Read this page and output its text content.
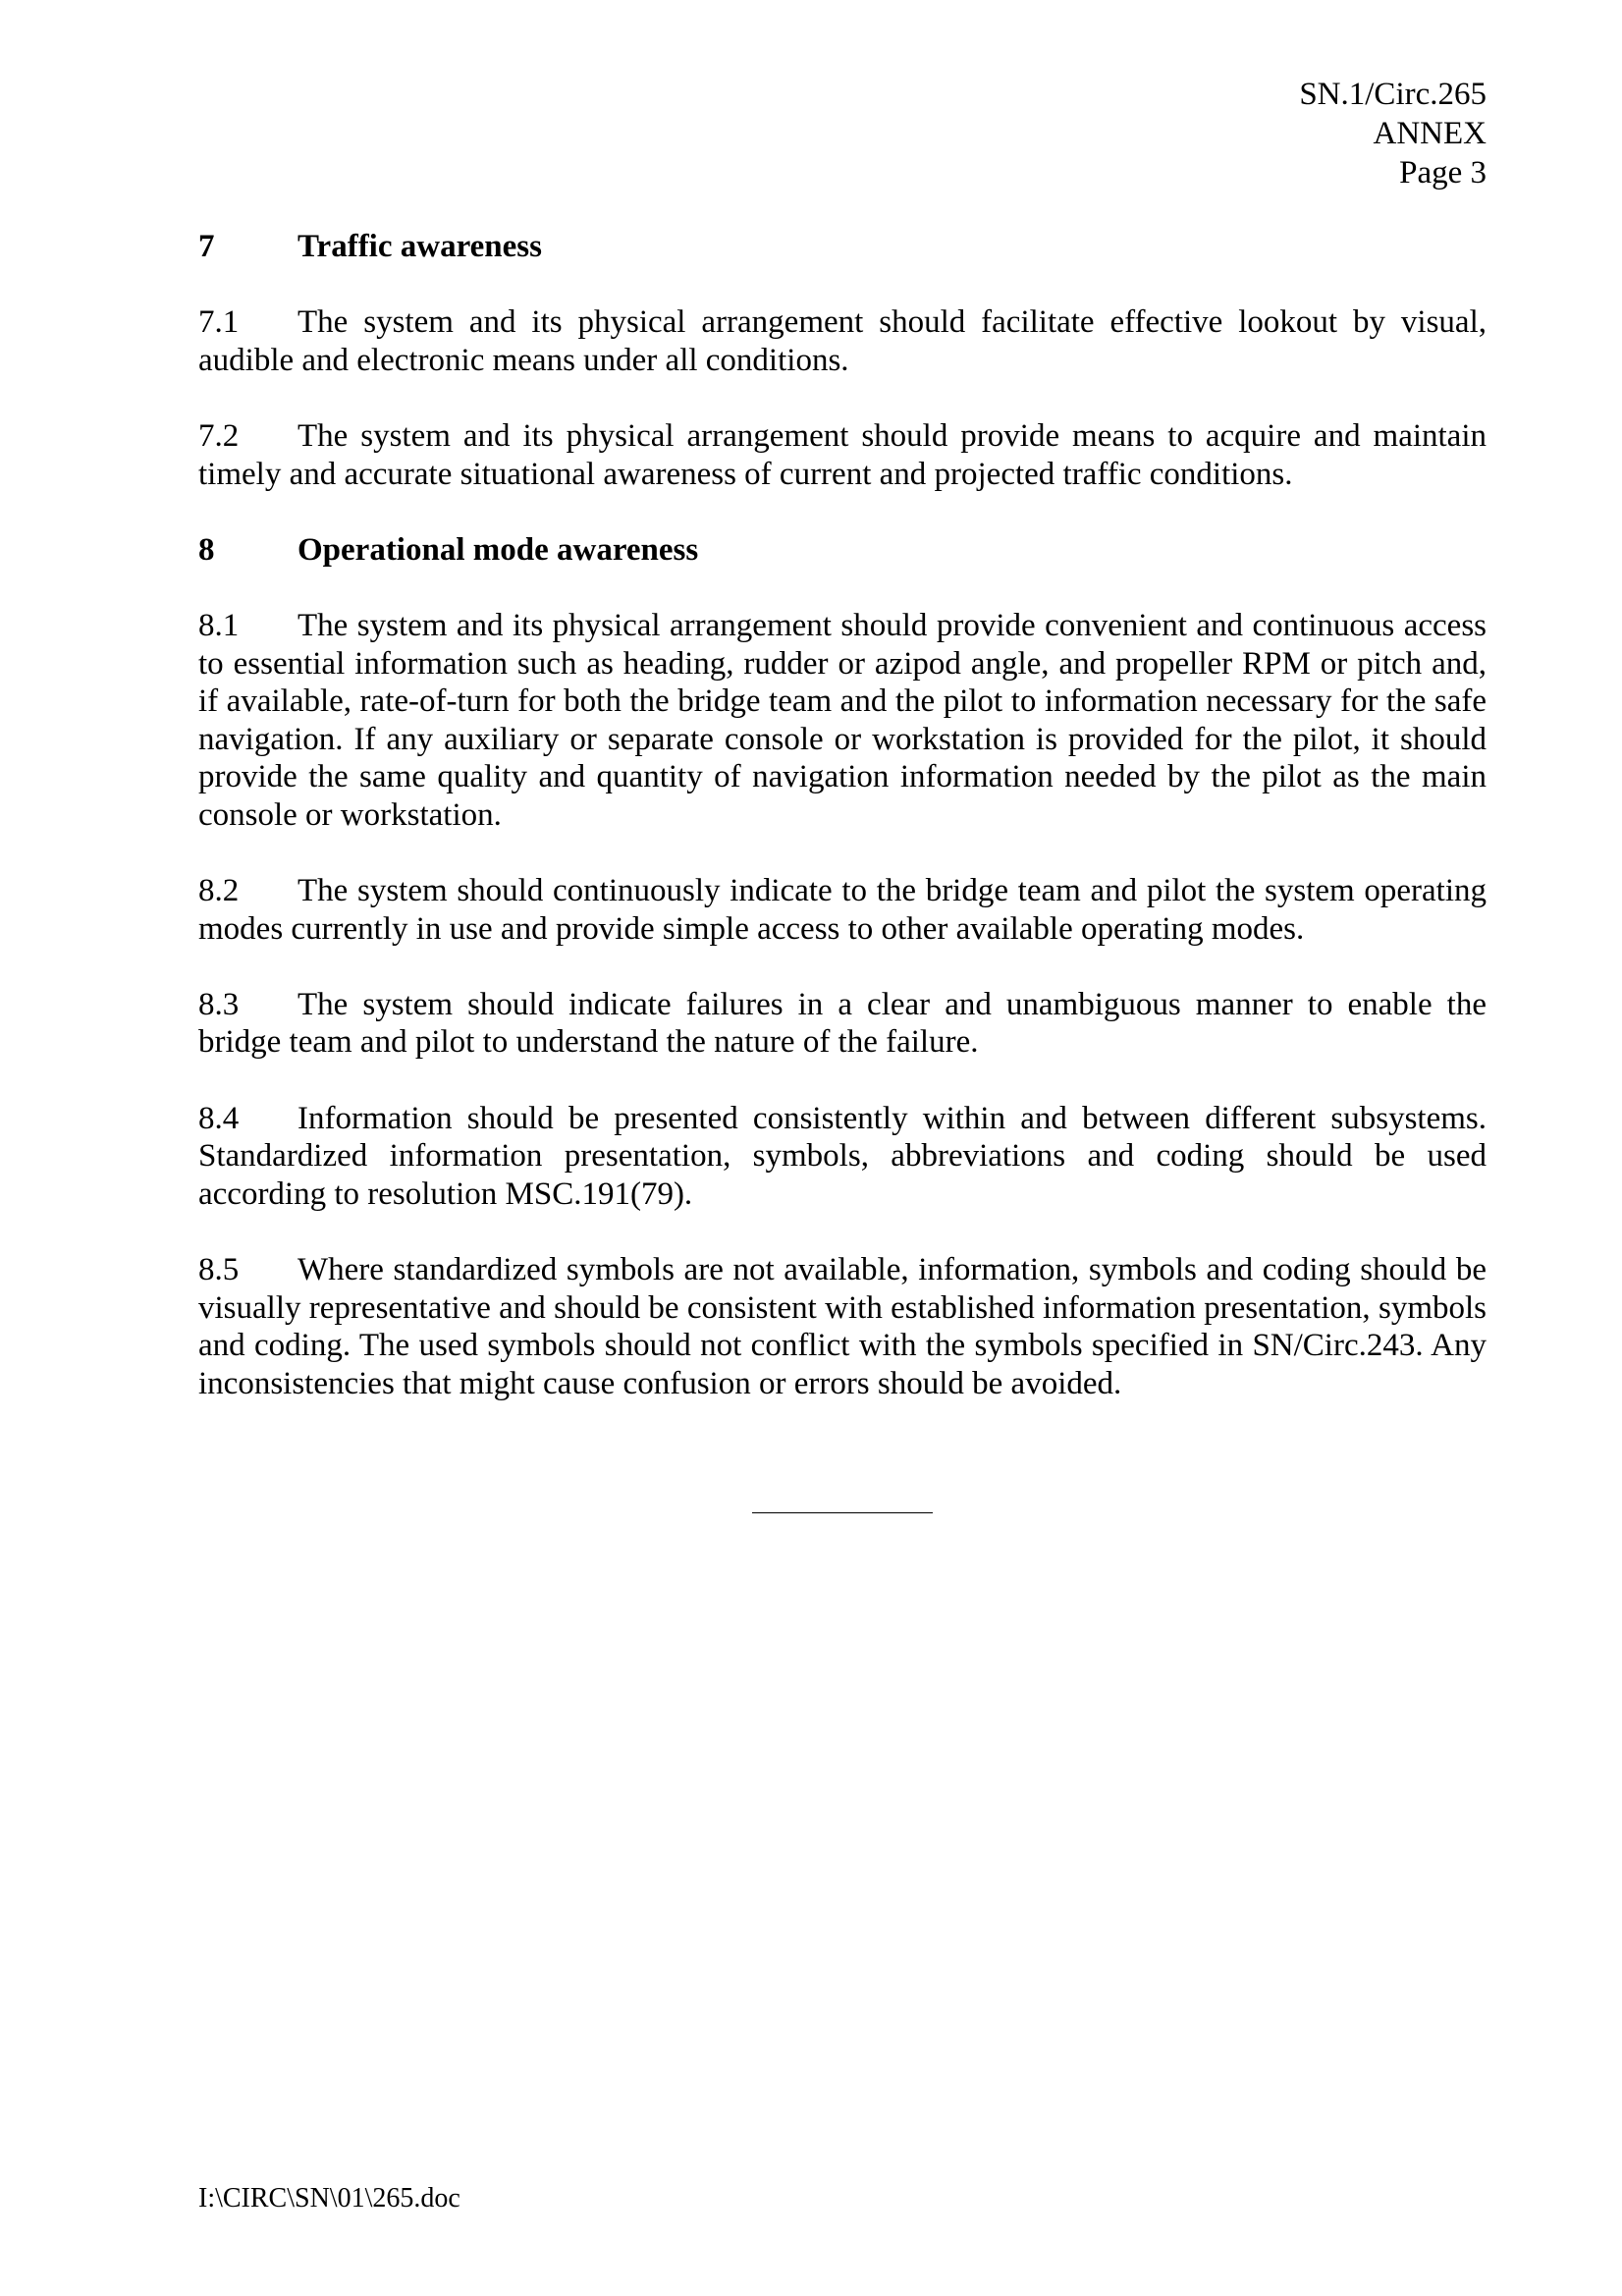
SN.1/Circ.265
ANNEX
Page 3
7	Traffic awareness

7.1 The system and its physical arrangement should facilitate effective lookout by visual, audible and electronic means under all conditions.

7.2 The system and its physical arrangement should provide means to acquire and maintain timely and accurate situational awareness of current and projected traffic conditions.

8	Operational mode awareness

8.1 The system and its physical arrangement should provide convenient and continuous access to essential information such as heading, rudder or azipod angle, and propeller RPM or pitch and, if available, rate-of-turn for both the bridge team and the pilot to information necessary for the safe navigation. If any auxiliary or separate console or workstation is provided for the pilot, it should provide the same quality and quantity of navigation information needed by the pilot as the main console or workstation.

8.2 The system should continuously indicate to the bridge team and pilot the system operating modes currently in use and provide simple access to other available operating modes.

8.3 The system should indicate failures in a clear and unambiguous manner to enable the bridge team and pilot to understand the nature of the failure.

8.4 Information should be presented consistently within and between different subsystems. Standardized information presentation, symbols, abbreviations and coding should be used according to resolution MSC.191(79).

8.5 Where standardized symbols are not available, information, symbols and coding should be visually representative and should be consistent with established information presentation, symbols and coding. The used symbols should not conflict with the symbols specified in SN/Circ.243. Any inconsistencies that might cause confusion or errors should be avoided.

I:\CIRC\SN\01\265.doc
